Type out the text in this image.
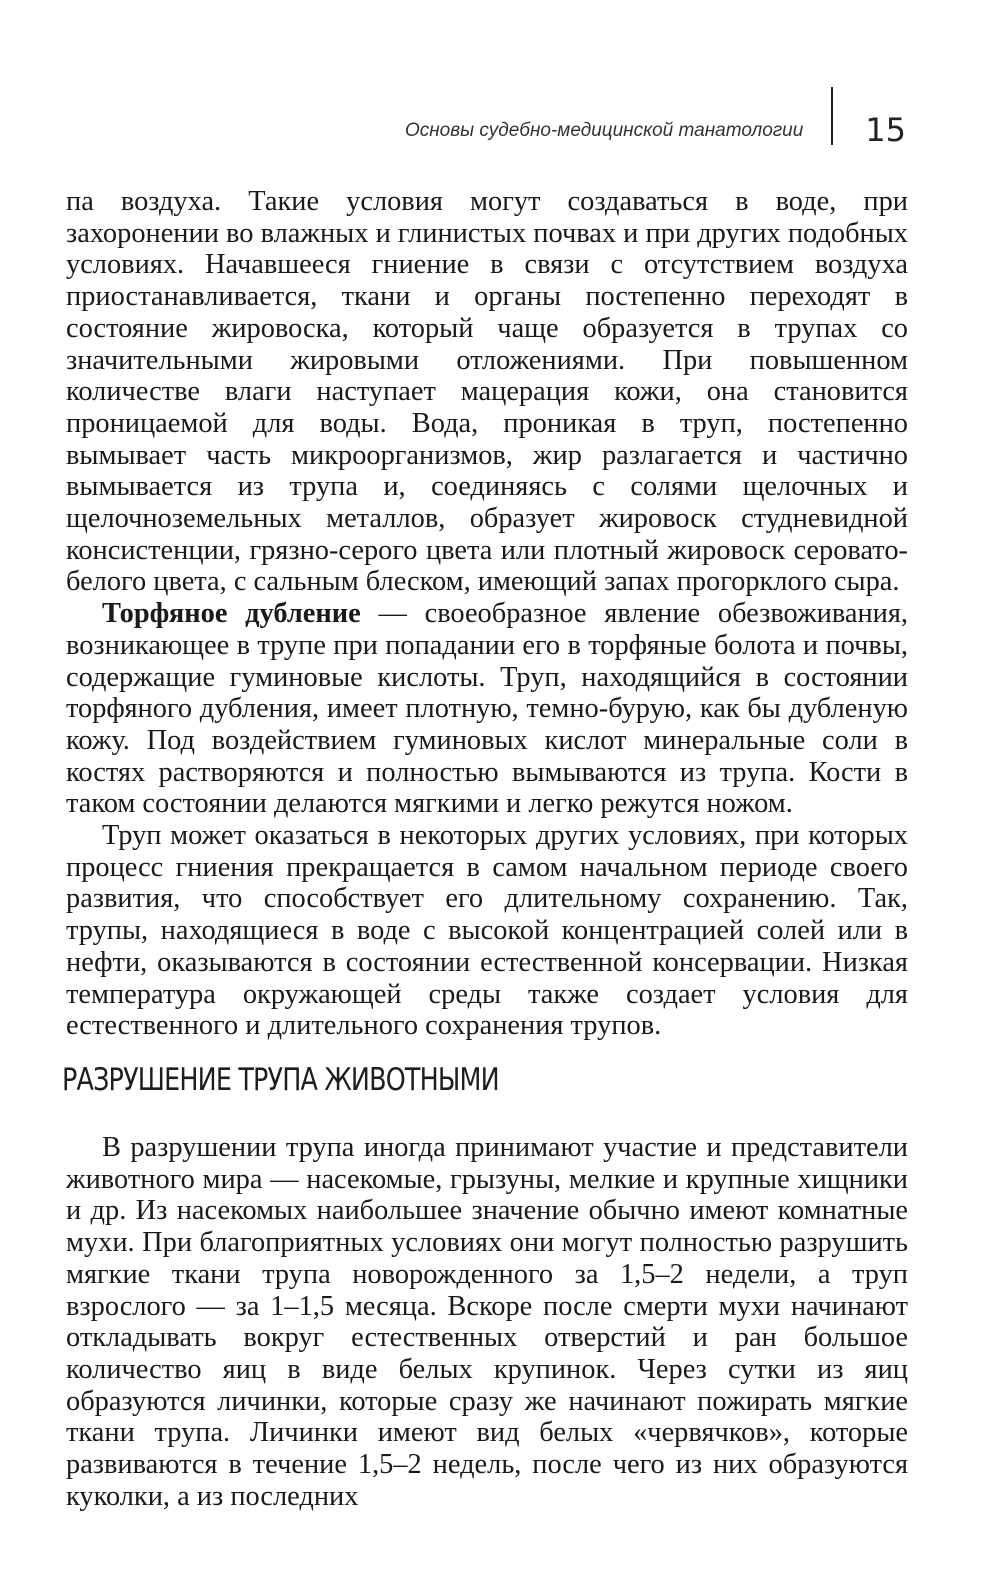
Основы судебно-медицинской танатологии 15

па воздуха. Такие условия могут создаваться в воде, при захоронении во влажных и глинистых почвах и при других подобных условиях. Начавшееся гниение в связи с отсутствием воздуха приостанавливается, ткани и органы постепенно переходят в состояние жировоска, который чаще образуется в трупах со значительными жировыми отложениями. При повышенном количестве влаги наступает мацерация кожи, она становится проницаемой для воды. Вода, проникая в труп, постепенно вымывает часть микроорганизмов, жир разлагается и частично вымывается из трупа и, соединяясь с солями щелочных и щелочноземельных металлов, образует жировоск студневидной консистенции, грязно-серого цвета или плотный жировоск серовато-белого цвета, с сальным блеском, имеющий запах прогорклого сыра.

Торфяное дубление — своеобразное явление обезвоживания, возникающее в трупе при попадании его в торфяные болота и почвы, содержащие гуминовые кислоты. Труп, находящийся в состоянии торфяного дубления, имеет плотную, темно-бурую, как бы дубленую кожу. Под воздействием гуминовых кислот минеральные соли в костях растворяются и полностью вымываются из трупа. Кости в таком состоянии делаются мягкими и легко режутся ножом.

Труп может оказаться в некоторых других условиях, при которых процесс гниения прекращается в самом начальном периоде своего развития, что способствует его длительному сохранению. Так, трупы, находящиеся в воде с высокой концентрацией солей или в нефти, оказываются в состоянии естественной консервации. Низкая температура окружающей среды также создает условия для естественного и длительного сохранения трупов.

РАЗРУШЕНИЕ ТРУПА ЖИВОТНЫМИ

В разрушении трупа иногда принимают участие и представители животного мира — насекомые, грызуны, мелкие и крупные хищники и др. Из насекомых наибольшее значение обычно имеют комнатные мухи. При благоприятных условиях они могут полностью разрушить мягкие ткани трупа новорожденного за 1,5–2 недели, а труп взрослого — за 1–1,5 месяца. Вскоре после смерти мухи начинают откладывать вокруг естественных отверстий и ран большое количество яиц в виде белых крупинок. Через сутки из яиц образуются личинки, которые сразу же начинают пожирать мягкие ткани трупа. Личинки имеют вид белых «червячков», которые развиваются в течение 1,5–2 недель, после чего из них образуются куколки, а из последних
